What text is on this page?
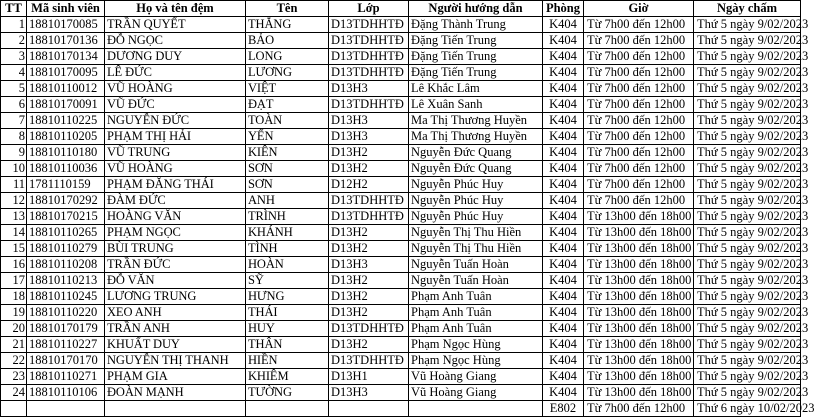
TT	Mã sinh viên	Họ và tên đệm	Tên	Lớp	Người hướng dẫn	Phòng	Giờ	Ngày chấm
1	18810170085	TRẦN QUYẾT	THẮNG	D13TDHHTĐ	Đặng Thành Trung	K404	Từ 7h00 đến 12h00	Thứ 5 ngày 9/02/2023
2	18810170136	ĐỖ NGỌC	BẢO	D13TDHHTĐ	Đặng Tiến Trung	K404	Từ 7h00 đến 12h00	Thứ 5 ngày 9/02/2023
3	18810170134	DƯƠNG DUY	LONG	D13TDHHTĐ	Đặng Tiến Trung	K404	Từ 7h00 đến 12h00	Thứ 5 ngày 9/02/2023
4	18810170095	LÊ ĐỨC	LƯƠNG	D13TDHHTĐ	Đặng Tiến Trung	K404	Từ 7h00 đến 12h00	Thứ 5 ngày 9/02/2023
5	18810110012	VŨ HOÀNG	VIỆT	D13H3	Lê Khắc Lâm	K404	Từ 7h00 đến 12h00	Thứ 5 ngày 9/02/2023
6	18810170091	VŨ ĐỨC	ĐẠT	D13TDHHTĐ	Lê Xuân Sanh	K404	Từ 7h00 đến 12h00	Thứ 5 ngày 9/02/2023
7	18810110225	NGUYỄN ĐỨC	TOÀN	D13H3	Ma Thị Thương Huyền	K404	Từ 7h00 đến 12h00	Thứ 5 ngày 9/02/2023
8	18810110205	PHẠM THỊ HẢI	YẾN	D13H3	Ma Thị Thương Huyền	K404	Từ 7h00 đến 12h00	Thứ 5 ngày 9/02/2023
9	18810110180	VŨ TRUNG	KIÊN	D13H2	Nguyễn Đức Quang	K404	Từ 7h00 đến 12h00	Thứ 5 ngày 9/02/2023
10	18810110036	VŨ HOÀNG	SƠN	D13H2	Nguyễn Đức Quang	K404	Từ 7h00 đến 12h00	Thứ 5 ngày 9/02/2023
11	1781110159	PHẠM ĐĂNG THÁI	SƠN	D12H2	Nguyễn Phúc Huy	K404	Từ 7h00 đến 12h00	Thứ 5 ngày 9/02/2023
12	18810170292	ĐÀM ĐỨC	ANH	D13TDHHTĐ	Nguyễn Phúc Huy	K404	Từ 7h00 đến 12h00	Thứ 5 ngày 9/02/2023
13	18810170215	HOÀNG VĂN	TRÌNH	D13TDHHTĐ	Nguyễn Phúc Huy	K404	Từ 13h00 đến 18h00	Thứ 5 ngày 9/02/2023
14	18810110265	PHẠM NGỌC	KHÁNH	D13H2	Nguyễn Thị Thu Hiền	K404	Từ 13h00 đến 18h00	Thứ 5 ngày 9/02/2023
15	18810110279	BÙI TRUNG	TÌNH	D13H2	Nguyễn Thị Thu Hiền	K404	Từ 13h00 đến 18h00	Thứ 5 ngày 9/02/2023
16	18810110208	TRẦN ĐỨC	HOÀN	D13H3	Nguyễn Tuấn Hoàn	K404	Từ 13h00 đến 18h00	Thứ 5 ngày 9/02/2023
17	18810110213	ĐỖ VĂN	SỸ	D13H2	Nguyễn Tuấn Hoàn	K404	Từ 13h00 đến 18h00	Thứ 5 ngày 9/02/2023
18	18810110245	LƯƠNG TRUNG	HƯNG	D13H2	Phạm Anh Tuân	K404	Từ 13h00 đến 18h00	Thứ 5 ngày 9/02/2023
19	18810110220	XEO ANH	THÁI	D13H2	Phạm Anh Tuân	K404	Từ 13h00 đến 18h00	Thứ 5 ngày 9/02/2023
20	18810170179	TRẦN ANH	HUY	D13TDHHTĐ	Phạm Anh Tuân	K404	Từ 13h00 đến 18h00	Thứ 5 ngày 9/02/2023
21	18810110227	KHUẤT DUY	THÂN	D13H2	Phạm Ngọc Hùng	K404	Từ 13h00 đến 18h00	Thứ 5 ngày 9/02/2023
22	18810170170	NGUYỄN THỊ THANH	HIỀN	D13TDHHTĐ	Phạm Ngọc Hùng	K404	Từ 13h00 đến 18h00	Thứ 5 ngày 9/02/2023
23	18810110271	PHẠM GIA	KHIÊM	D13H1	Vũ Hoàng Giang	K404	Từ 13h00 đến 18h00	Thứ 5 ngày 9/02/2023
24	18810110106	ĐOÀN MẠNH	TƯỜNG	D13H3	Vũ Hoàng Giang	K404	Từ 13h00 đến 18h00	Thứ 5 ngày 9/02/2023
						E802	Từ 7h00 đến 12h00	Thứ 6 ngày 10/02/2023
